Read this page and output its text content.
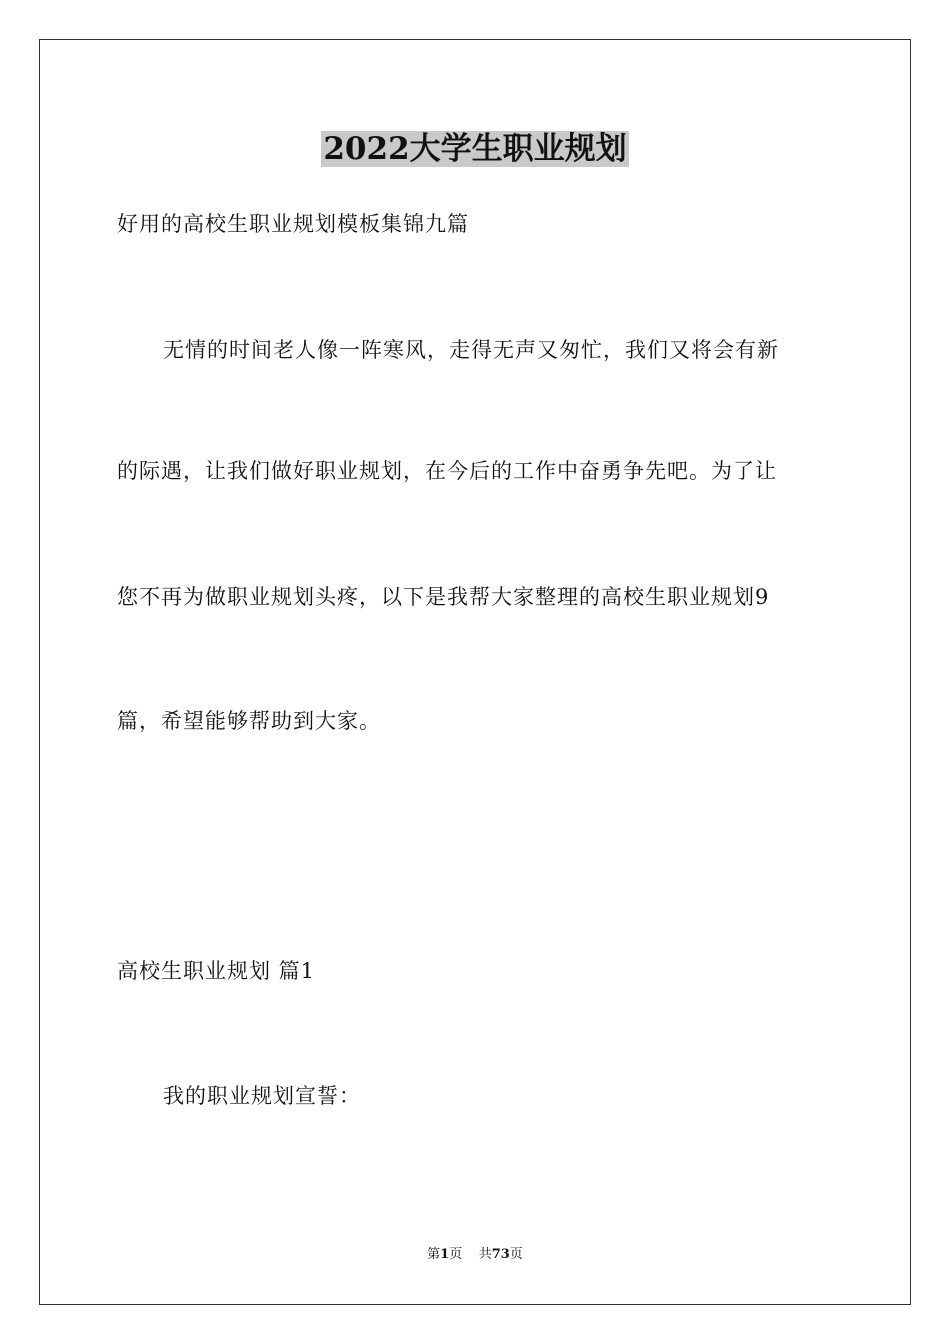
2022大学生职业规划
好用的高校生职业规划模板集锦九篇
无情的时间老人像一阵寒风，走得无声又匆忙，我们又将会有新
的际遇，让我们做好职业规划，在今后的工作中奋勇争先吧。为了让
您不再为做职业规划头疼，以下是我帮大家整理的高校生职业规划9
篇，希望能够帮助到大家。
高校生职业规划 篇1
我的职业规划宣誓：
第1页 共73页
